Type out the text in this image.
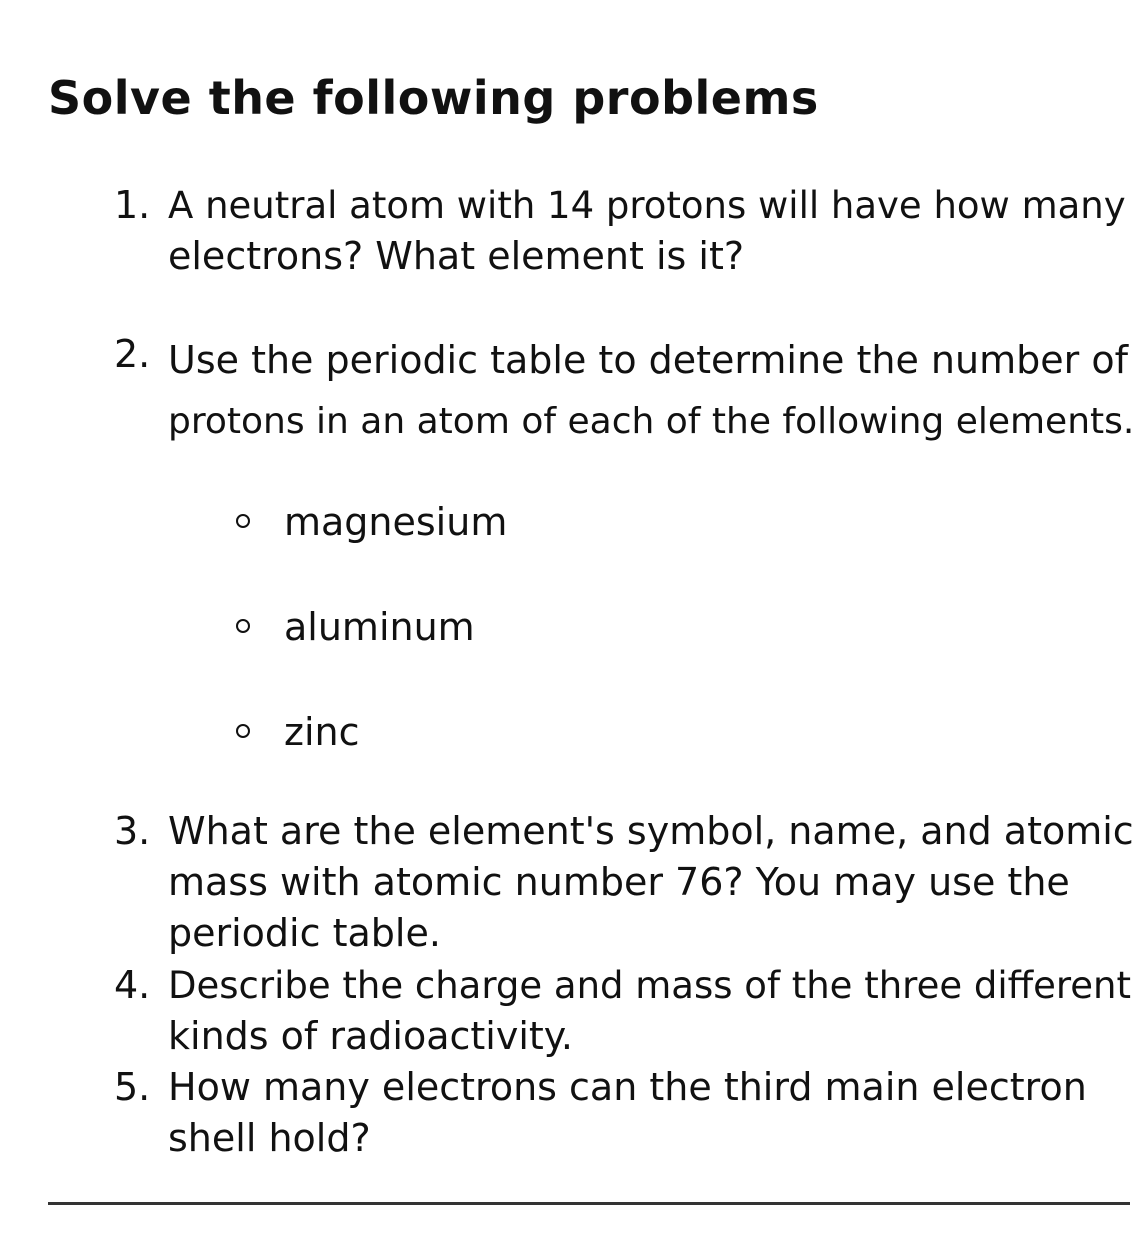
Solve the following problems
1. A neutral atom with 14 protons will have how many
electrons? What element is it?
2. Use the periodic table to determine the number of
protons in an atom of each of the following elements.
magnesium
aluminum
zinc
3. What are the element's symbol, name, and atomic
mass with atomic number 76? You may use the
periodic table.
4. Describe the charge and mass of the three different
kinds of radioactivity.
5. How many electrons can the third main electron
shell hold?
